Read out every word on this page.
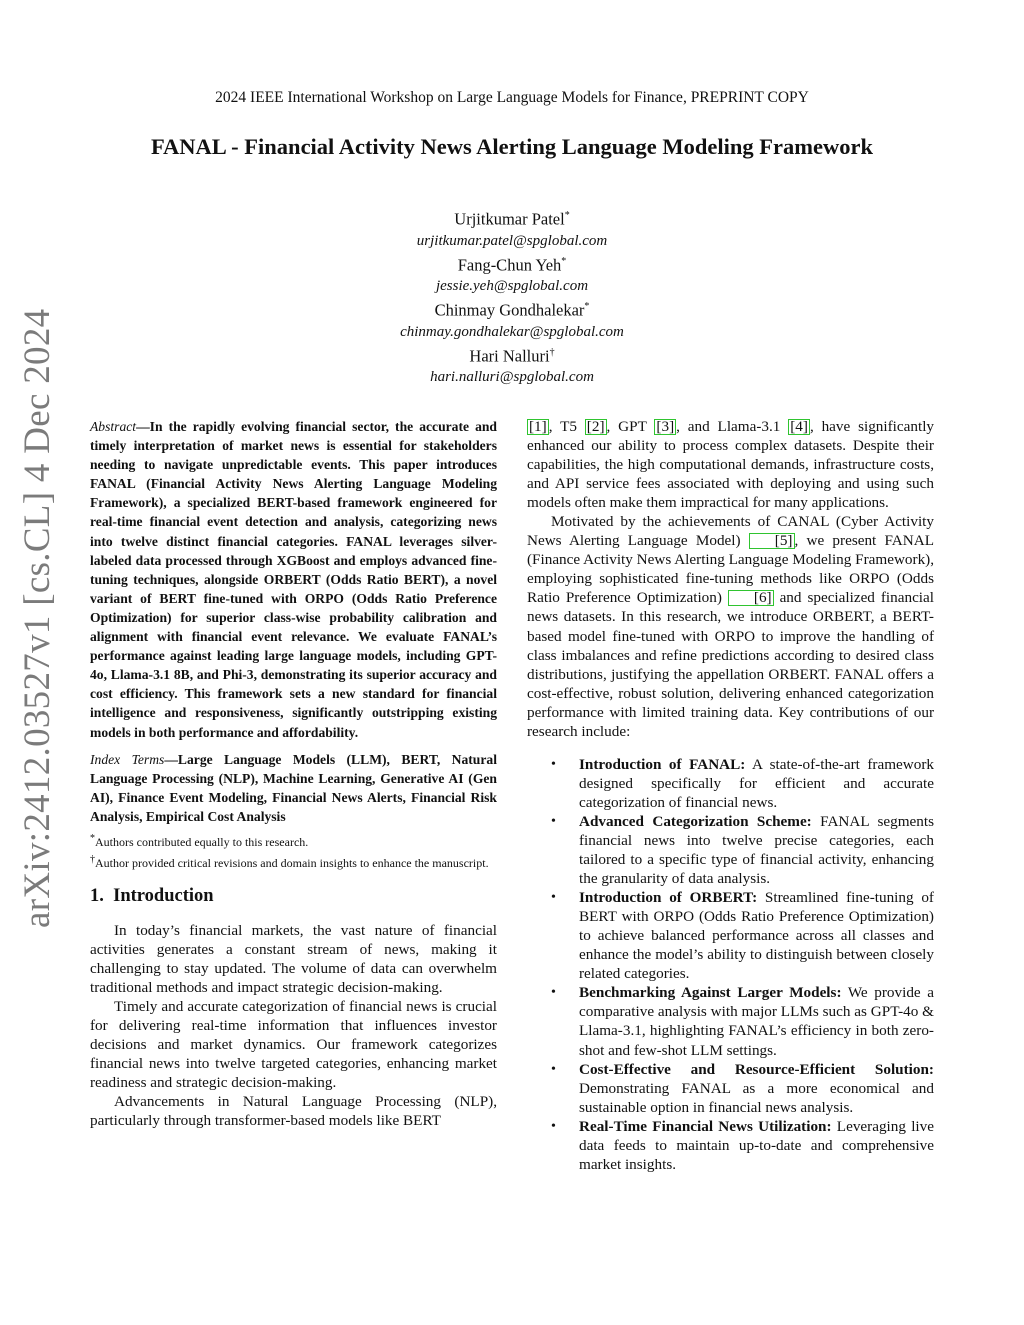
2024 IEEE International Workshop on Large Language Models for Finance, PREPRINT COPY
FANAL - Financial Activity News Alerting Language Modeling Framework
Urjitkumar Patel*
urjitkumar.patel@spglobal.com
Fang-Chun Yeh*
jessie.yeh@spglobal.com
Chinmay Gondhalekar*
chinmay.gondhalekar@spglobal.com
Hari Nalluri†
hari.nalluri@spglobal.com
arXiv:2412.03527v1 [cs.CL] 4 Dec 2024 Abstract—In the rapidly evolving financial sector, the accurate and timely interpretation of market news is essential for stakeholders needing to navigate unpredictable events. This paper introduces FANAL (Financial Activity News Alerting Language Modeling Framework), a specialized BERT-based framework engineered for real-time financial event detection and analysis, categorizing news into twelve distinct financial categories. FANAL leverages silver-labeled data processed through XGBoost and employs advanced fine-tuning techniques, alongside ORBERT (Odds Ratio BERT), a novel variant of BERT fine-tuned with ORPO (Odds Ratio Preference Optimization) for superior class-wise probability calibration and alignment with financial event relevance. We evaluate FANAL’s performance against leading large language models, including GPT-4o, Llama-3.1 8B, and Phi-3, demonstrating its superior accuracy and cost efficiency. This framework sets a new standard for financial intelligence and responsiveness, significantly outstripping existing models in both performance and affordability.

Index Terms—Large Language Models (LLM), BERT, Natural Language Processing (NLP), Machine Learning, Generative AI (Gen AI), Finance Event Modeling, Financial News Alerts, Financial Risk Analysis, Empirical Cost Analysis

*Authors contributed equally to this research.

†Author provided critical revisions and domain insights to enhance the manuscript.

1. Introduction

In today’s financial markets, the vast nature of financial activities generates a constant stream of news, making it challenging to stay updated. The volume of data can overwhelm traditional methods and impact strategic decision-making.

Timely and accurate categorization of financial news is crucial for delivering real-time information that influences investor decisions and market dynamics. Our framework categorizes financial news into twelve targeted categories, enhancing market readiness and strategic decision-making.

Advancements in Natural Language Processing (NLP), particularly through transformer-based models like BERT

[1] , T5 [2] , GPT [3] , and Llama-3.1 [4] , have significantly enhanced our ability to process complex datasets. Despite their capabilities, the high computational demands, infrastructure costs, and API service fees associated with deploying and using such models often make them impractical for many applications.

Motivated by the achievements of CANAL (Cyber Activity News Alerting Language Model) [5] , we present FANAL (Finance Activity News Alerting Language Modeling Framework), employing sophisticated fine-tuning methods like ORPO (Odds Ratio Preference Optimization) [6] and specialized financial news datasets. In this research, we introduce ORBERT, a BERT-based model fine-tuned with ORPO to improve the handling of class imbalances and refine predictions according to desired class distributions, justifying the appellation ORBERT. FANAL offers a cost-effective, robust solution, delivering enhanced categorization performance with limited training data. Key contributions of our research include:

• Introduction of FANAL: A state-of-the-art framework designed specifically for efficient and accurate categorization of financial news.
• Advanced Categorization Scheme: FANAL segments financial news into twelve precise categories, each tailored to a specific type of financial activity, enhancing the granularity of data analysis.
• Introduction of ORBERT: Streamlined fine-tuning of BERT with ORPO (Odds Ratio Preference Optimization) to achieve balanced performance across all classes and enhance the model’s ability to distinguish between closely related categories.
• Benchmarking Against Larger Models: We provide a comparative analysis with major LLMs such as GPT-4o & Llama-3.1, highlighting FANAL’s efficiency in both zero-shot and few-shot LLM settings.
• Cost-Effective and Resource-Efficient Solution: Demonstrating FANAL as a more economical and sustainable option in financial news analysis.
• Real-Time Financial News Utilization: Leveraging live data feeds to maintain up-to-date and comprehensive market insights.
